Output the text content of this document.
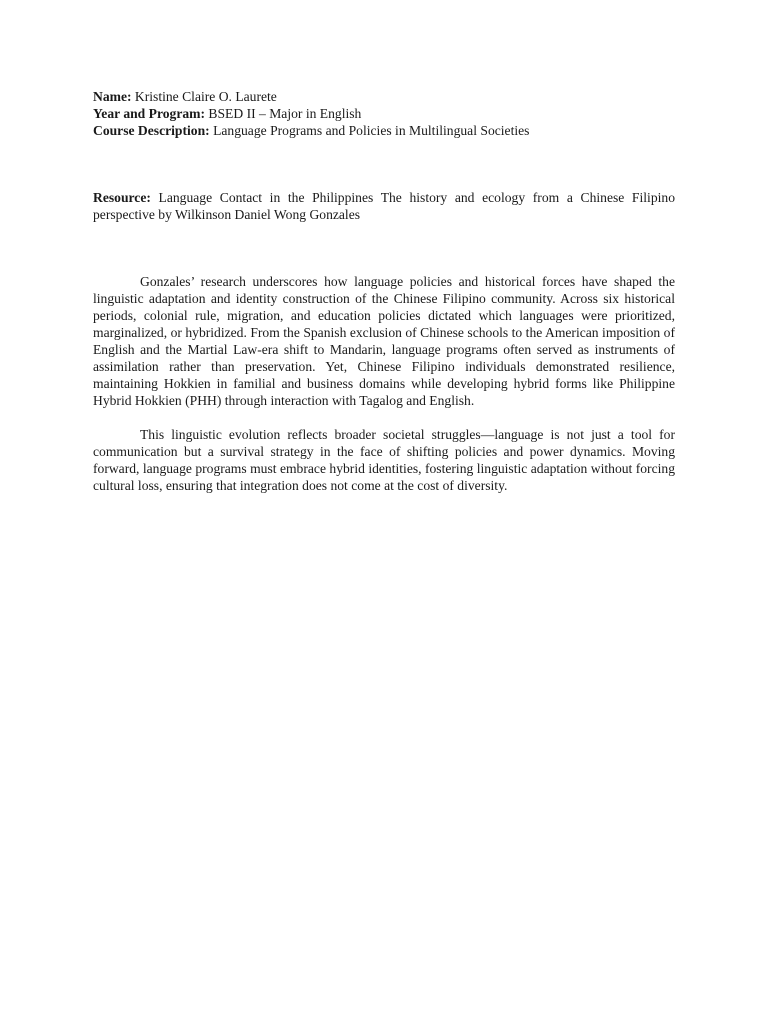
Name: Kristine Claire O. Laurete

Year and Program: BSED II – Major in English

Course Description: Language Programs and Policies in Multilingual Societies

Resource: Language Contact in the Philippines The history and ecology from a Chinese Filipino perspective by Wilkinson Daniel Wong Gonzales

Gonzales’ research underscores how language policies and historical forces have shaped the linguistic adaptation and identity construction of the Chinese Filipino community. Across six historical periods, colonial rule, migration, and education policies dictated which languages were prioritized, marginalized, or hybridized. From the Spanish exclusion of Chinese schools to the American imposition of English and the Martial Law-era shift to Mandarin, language programs often served as instruments of assimilation rather than preservation. Yet, Chinese Filipino individuals demonstrated resilience, maintaining Hokkien in familial and business domains while developing hybrid forms like Philippine Hybrid Hokkien (PHH) through interaction with Tagalog and English.

This linguistic evolution reflects broader societal struggles—language is not just a tool for communication but a survival strategy in the face of shifting policies and power dynamics. Moving forward, language programs must embrace hybrid identities, fostering linguistic adaptation without forcing cultural loss, ensuring that integration does not come at the cost of diversity.
